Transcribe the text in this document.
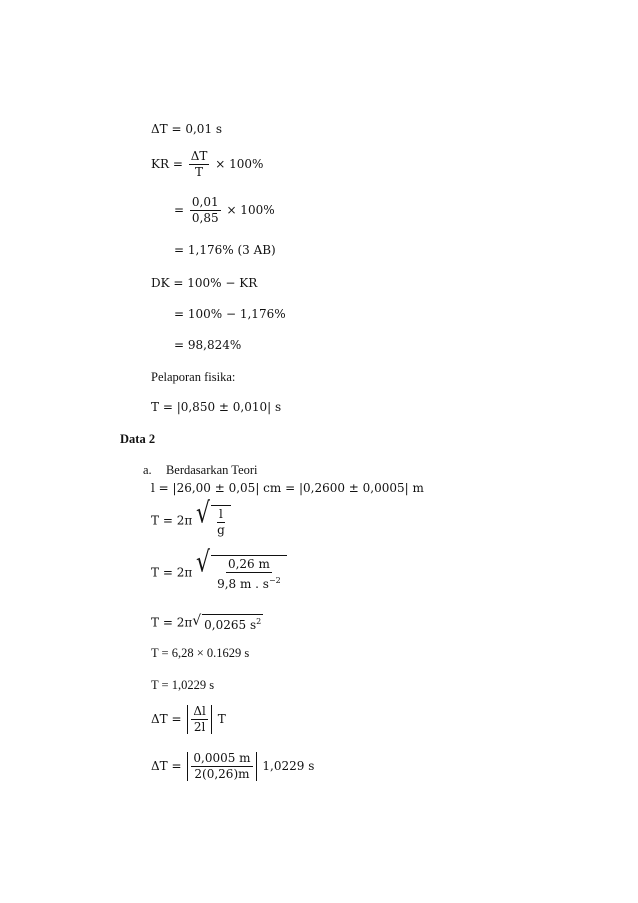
ΔT = 0,01 s
KR = $\frac{\Delta T}{T} \times 100\%$
= $\frac{0,01}{0,85} \times 100\%$
= 1,176% (3 AB)
DK = 100% − KR
= 100% − 1,176%
= 98,824%
Pelaporan fisika:
T = |0,850 ± 0,010| s
Data 2
a. Berdasarkan Teori
l = |26,00 ± 0,05| cm = |0,2600 ± 0,0005| m
T = 2π √ $\frac{l}{g}$
T = 2π √ $\frac{0,26 m}{9,8 m . s^{-2}}$
T = 2π √ 0,0265 $s^2$
T = 6,28 × 0.1629 s
T = 1,0229 s
$\Delta T = \frac{\Delta l}{2l}$ T
$\Delta T = \frac{0,0005 m}{2(0,26)m} 1,0229$ s
